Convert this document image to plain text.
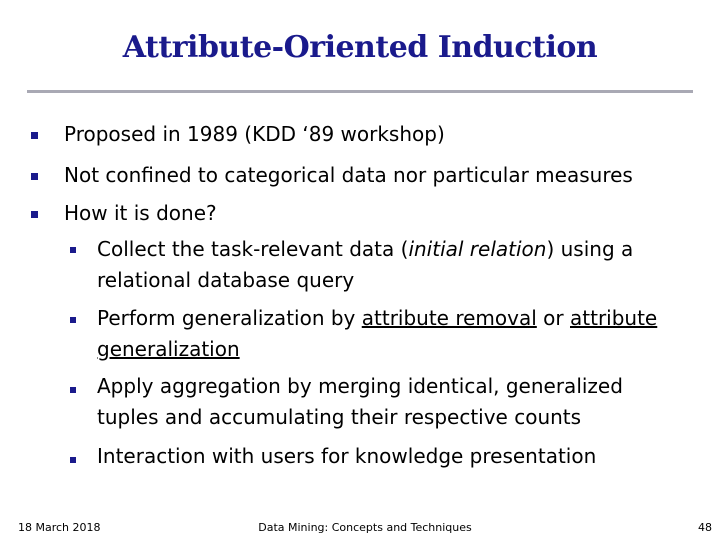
Attribute-Oriented Induction
Proposed in 1989 (KDD ‘89 workshop)
Not confined to categorical data nor particular measures
How it is done?
Collect the task-relevant data (initial relation) using a
relational database query
Perform generalization by attribute removal or attribute
generalization
Apply aggregation by merging identical, generalized
tuples and accumulating their respective counts
Interaction with users for knowledge presentation
18 March 2018	Data Mining: Concepts and Techniques	48
